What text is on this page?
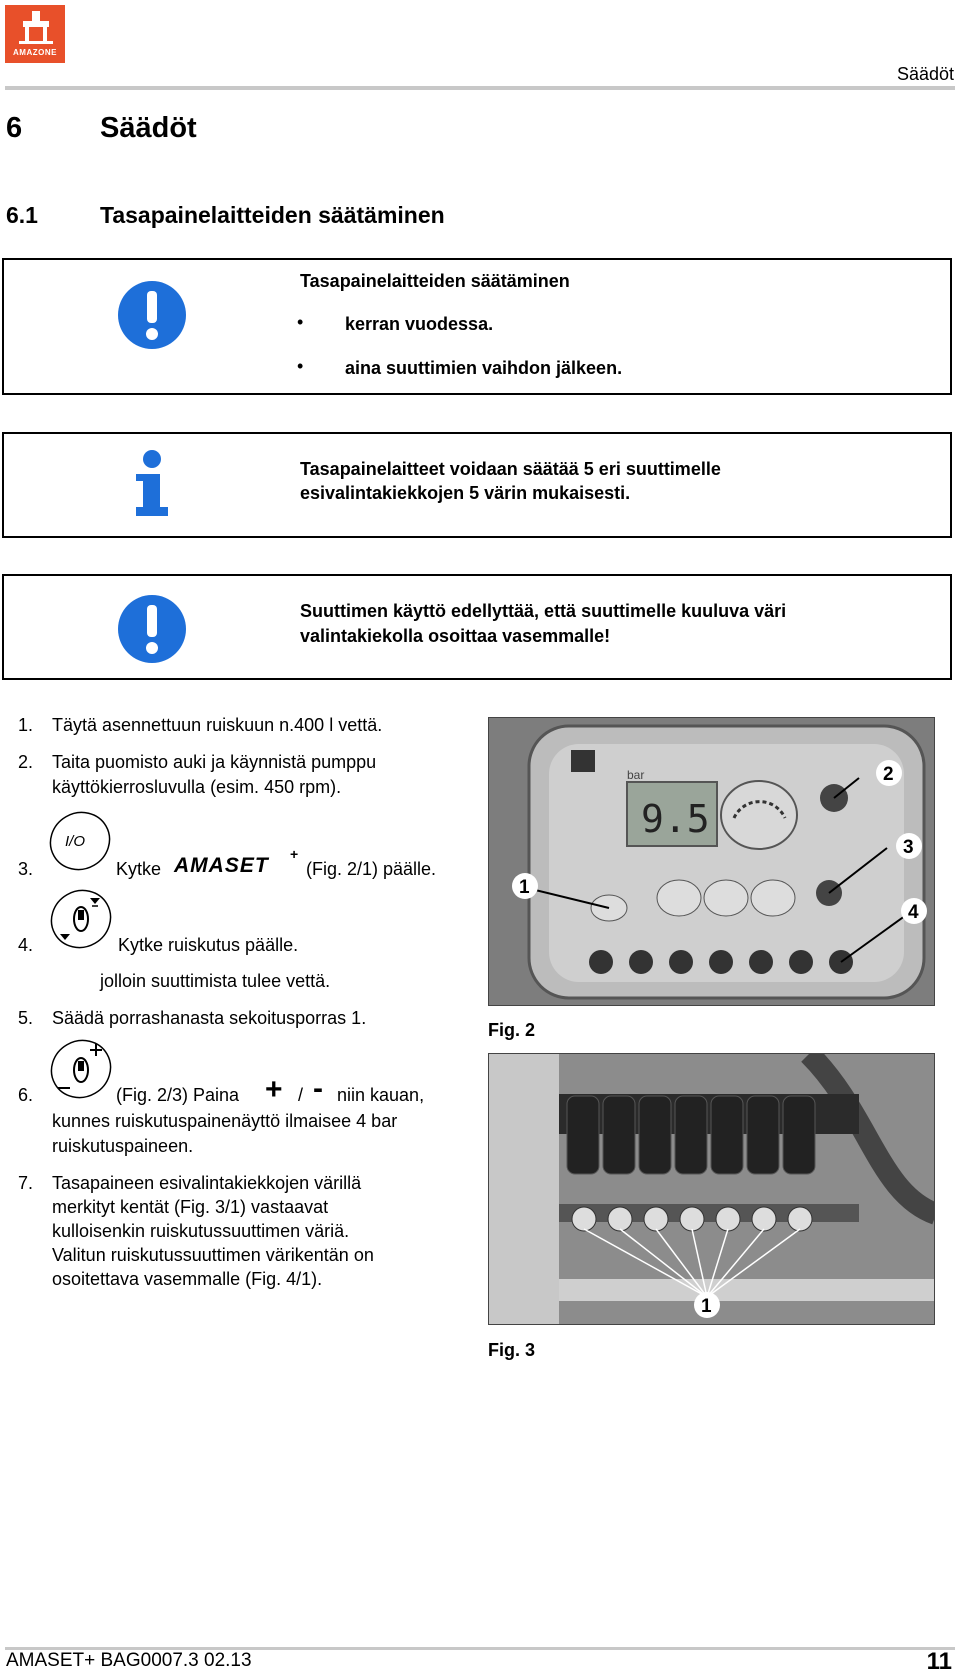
AMAZONE
Säädöt
6	Säädöt
6.1	Tasapainelaitteiden säätäminen
Tasapainelaitteiden säätäminen
• kerran vuodessa.
• aina suuttimien vaihdon jälkeen.
Tasapainelaitteet voidaan säätää 5 eri suuttimelle
esivalintakiekkojen 5 värin mukaisesti.
Suuttimen käyttö edellyttää, että suuttimelle kuuluva väri
valintakiekolla osoittaa vasemmalle!
1. Täytä asennettuun ruiskuun n.400 l vettä.
2. Taita puomisto auki ja käynnistä pumppu
käyttökierrosluvulla (esim. 450 rpm).
I/O
3.	Kytke AMASET +
(Fig. 2/1) päälle.
4.	Kytke ruiskutus päälle.
jolloin suuttimista tulee vettä.
5. Säädä porrashanasta sekoitusporras 1.
6.	(Fig. 2/3) Paina + / - niin kauan,
kunnes ruiskutuspainenäyttö ilmaisee 4 bar
ruiskutuspaineen.
7. Tasapaineen esivalintakiekkojen värillä
merkityt kentät (Fig. 3/1) vastaavat
kulloisenkin ruiskutussuuttimen väriä.
Valitun ruiskutussuuttimen värikentän on
osoitettava vasemmalle (Fig. 4/1).
bar
9.5
1
2
3
4
Fig. 2
1
Fig. 3
AMASET+ BAG0007.3 02.13	11
